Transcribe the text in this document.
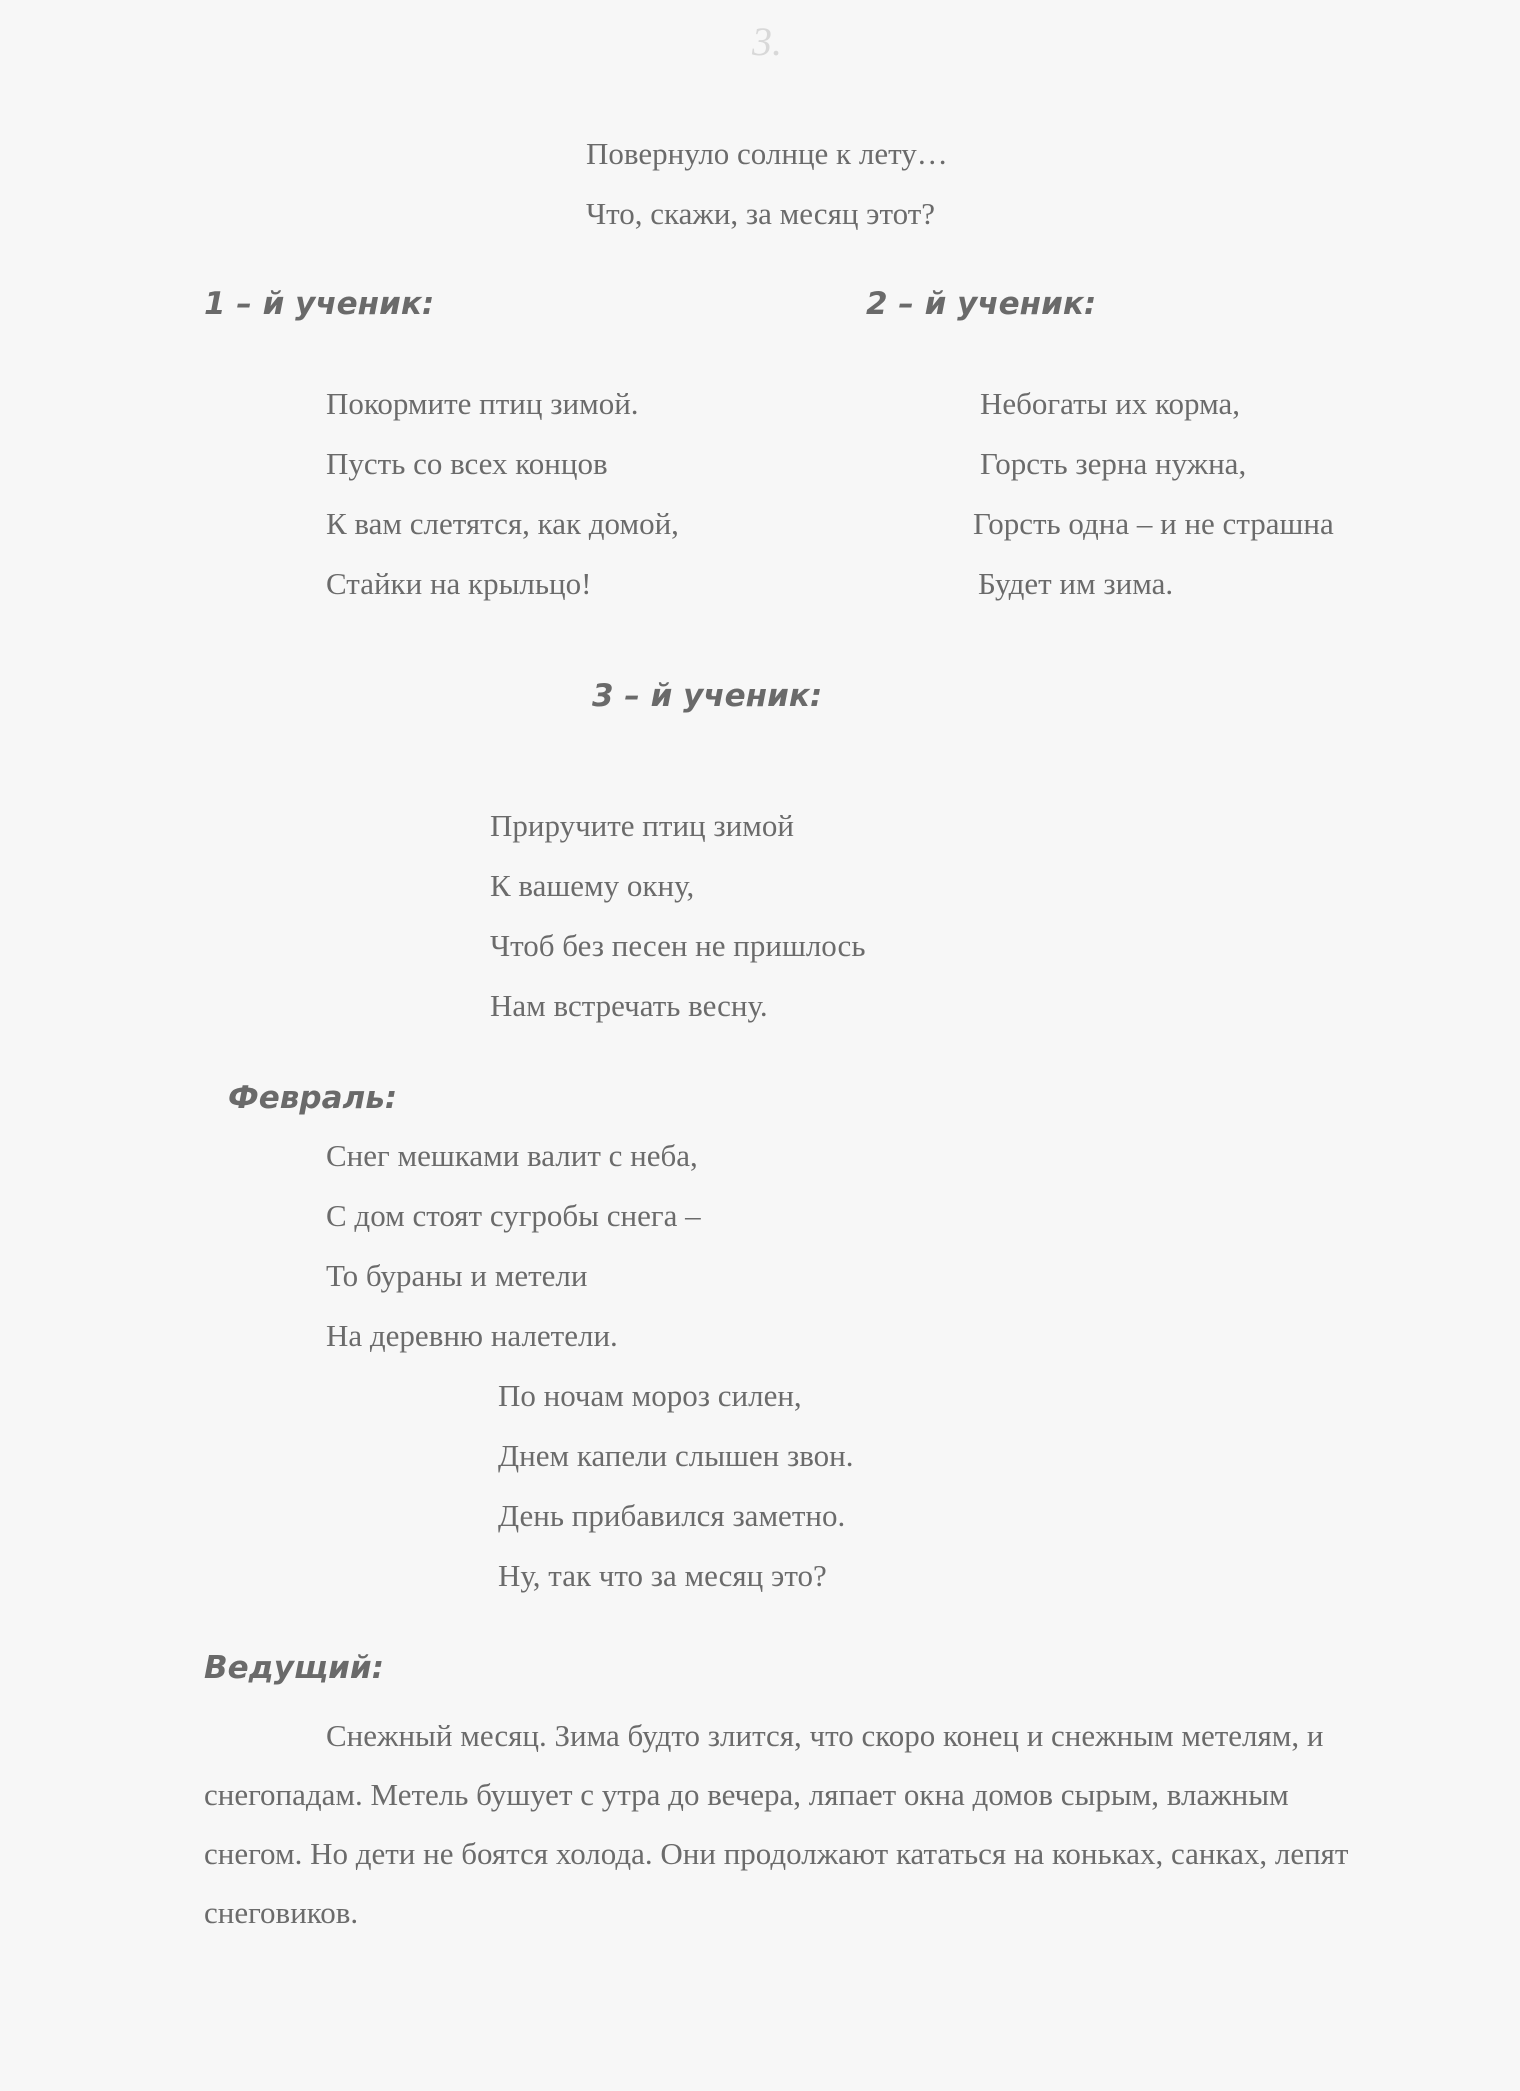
3.
Повернуло солнце к лету…
Что, скажи, за месяц этот?
1 – й ученик:
Покормите птиц зимой.
Пусть со всех концов
К вам слетятся, как домой,
Стайки на крыльцо!
2 – й ученик:
Небогаты их корма,
Горсть зерна нужна,
Горсть одна – и не страшна
Будет им зима.
3 – й ученик:
Приручите птиц зимой
К вашему окну,
Чтоб без песен не пришлось
Нам встречать весну.
Февраль:
Снег мешками валит с неба,
С дом стоят сугробы снега –
То бураны и метели
На деревню налетели.
По ночам мороз силен,
Днем капели слышен звон.
День прибавился заметно.
Ну, так что за месяц это?
Ведущий:
Снежный месяц. Зима будто злится, что скоро конец и снежным метелям, и снегопадам. Метель бушует с утра до вечера, ляпает окна домов сырым, влажным снегом. Но дети не боятся холода. Они продолжают кататься на коньках, санках, лепят снеговиков.
